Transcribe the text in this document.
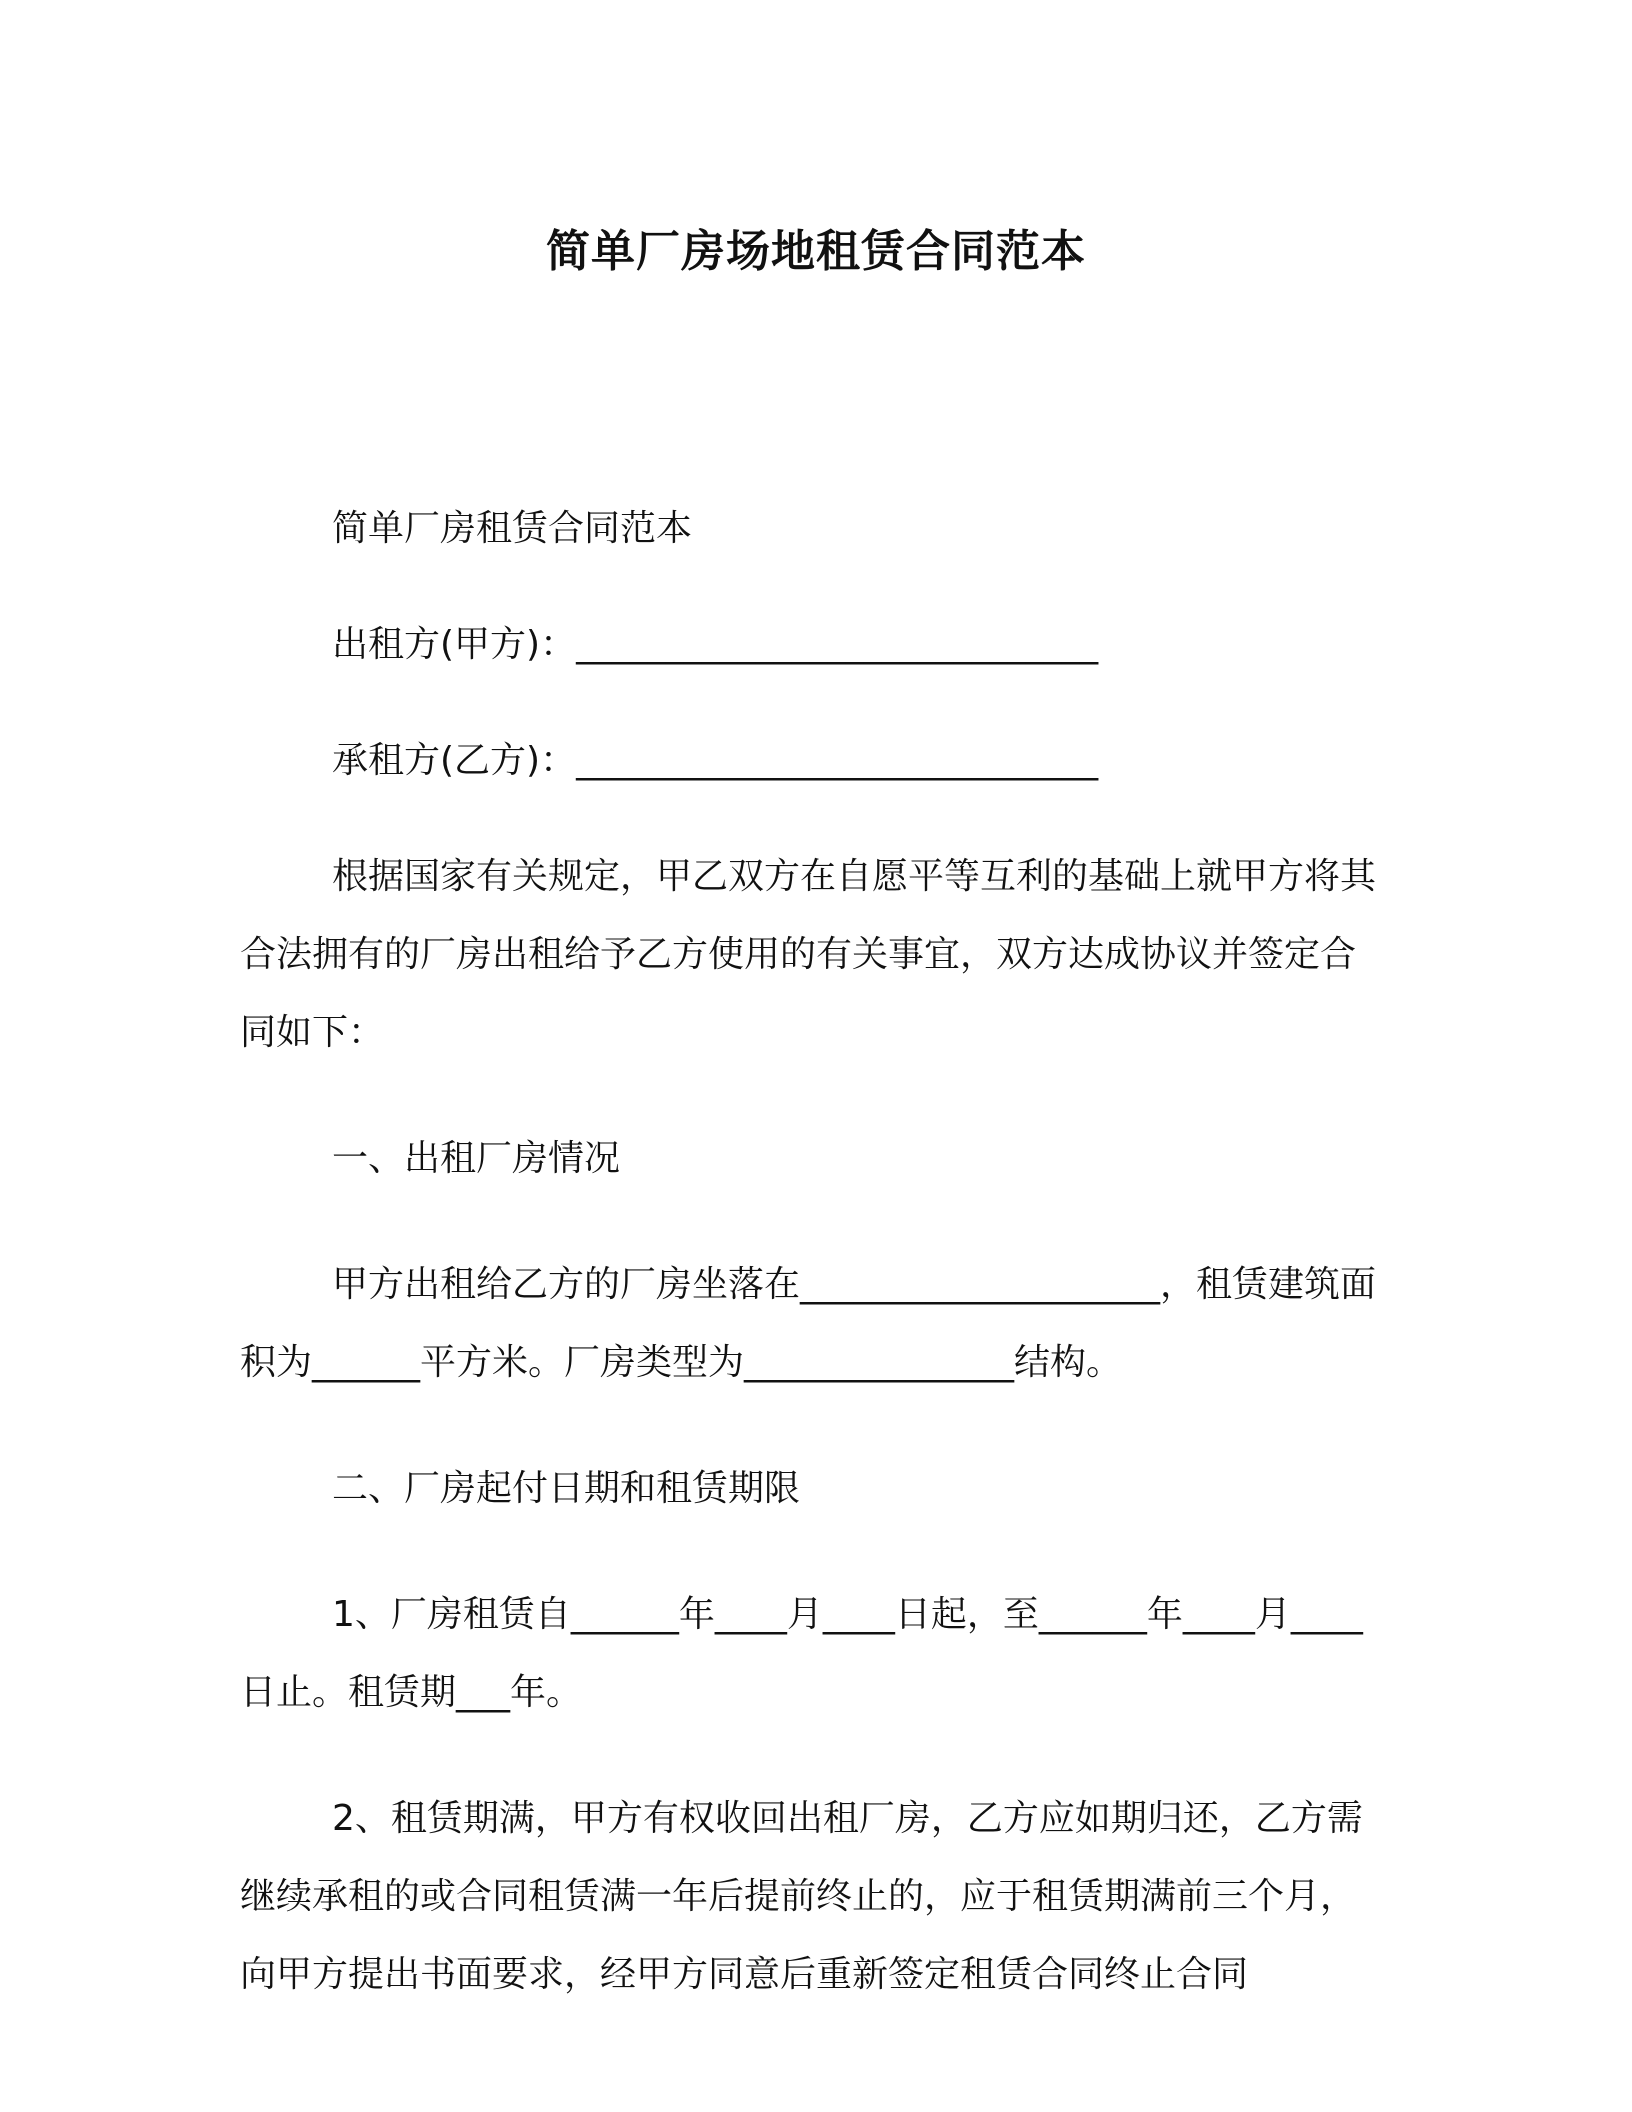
简单厂房场地租赁合同范本

简单厂房租赁合同范本

出租方(甲方)：_____________________________

承租方(乙方)：_____________________________

根据国家有关规定，甲乙双方在自愿平等互利的基础上就甲方将其合法拥有的厂房出租给予乙方使用的有关事宜，双方达成协议并签定合同如下：

一、出租厂房情况

甲方出租给乙方的厂房坐落在____________________，租赁建筑面积为______平方米。厂房类型为_______________结构。

二、厂房起付日期和租赁期限

1、厂房租赁自______年____月____日起，至______年____月____日止。租赁期___年。

2、租赁期满，甲方有权收回出租厂房，乙方应如期归还，乙方需继续承租的或合同租赁满一年后提前终止的，应于租赁期满前三个月，向甲方提出书面要求，经甲方同意后重新签定租赁合同终止合同
